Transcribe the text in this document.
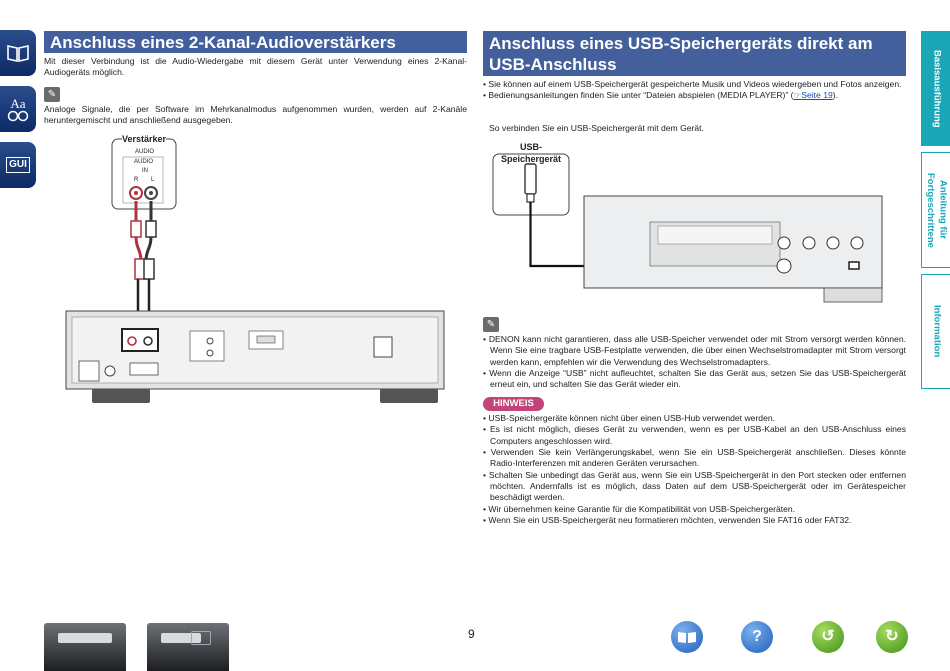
Aa
GUI
Anschluss eines 2-Kanal-Audioverstärkers
Mit dieser Verbindung ist die Audio-Wiedergabe mit diesem Gerät unter Verwendung eines 2-Kanal-Audiogeräts möglich.
✎
Analoge Signale, die per Software im Mehrkanalmodus aufgenommen wurden, werden auf 2-Kanäle heruntergemischt und anschließend ausgegeben.
Verstärker
AUDIO
AUDIO
IN
R L
Anschluss eines USB-Speichergeräts direkt am USB-Anschluss
• Sie können auf einem USB-Speichergerät gespeicherte Musik und Videos wiedergeben und Fotos anzeigen.
• Bedienungsanleitungen finden Sie unter “Dateien abspielen (MEDIA PLAYER)” (☞Seite 19).
So verbinden Sie ein USB-Speichergerät mit dem Gerät.
USB-
Speichergerät
✎
• DENON kann nicht garantieren, dass alle USB-Speicher verwendet oder mit Strom versorgt werden können. Wenn Sie eine tragbare USB-Festplatte verwenden, die über einen Wechselstromadapter mit Strom versorgt werden kann, empfehlen wir die Verwendung des Wechselstromadapters.
• Wenn die Anzeige “USB” nicht aufleuchtet, schalten Sie das Gerät aus, setzen Sie das USB-Speichergerät erneut ein, und schalten Sie das Gerät wieder ein.
HINWEIS
• USB-Speichergeräte können nicht über einen USB-Hub verwendet werden.
• Es ist nicht möglich, dieses Gerät zu verwenden, wenn es per USB-Kabel an den USB-Anschluss eines Computers angeschlossen wird.
• Verwenden Sie kein Verlängerungskabel, wenn Sie ein USB-Speichergerät anschließen. Dieses könnte Radio-Interferenzen mit anderen Geräten verursachen.
• Schalten Sie unbedingt das Gerät aus, wenn Sie ein USB-Speichergerät in den Port stecken oder entfernen möchten. Andernfalls ist es möglich, dass Daten auf dem USB-Speichergerät oder im Gerätespeicher beschädigt werden.
• Wir übernehmen keine Garantie für die Kompatibilität von USB-Speichergeräten.
• Wenn Sie ein USB-Speichergerät neu formatieren möchten, verwenden Sie FAT16 oder FAT32.
Basisausführung
Anleitung für Fortgeschrittene
Information
9	?	↺	↻
